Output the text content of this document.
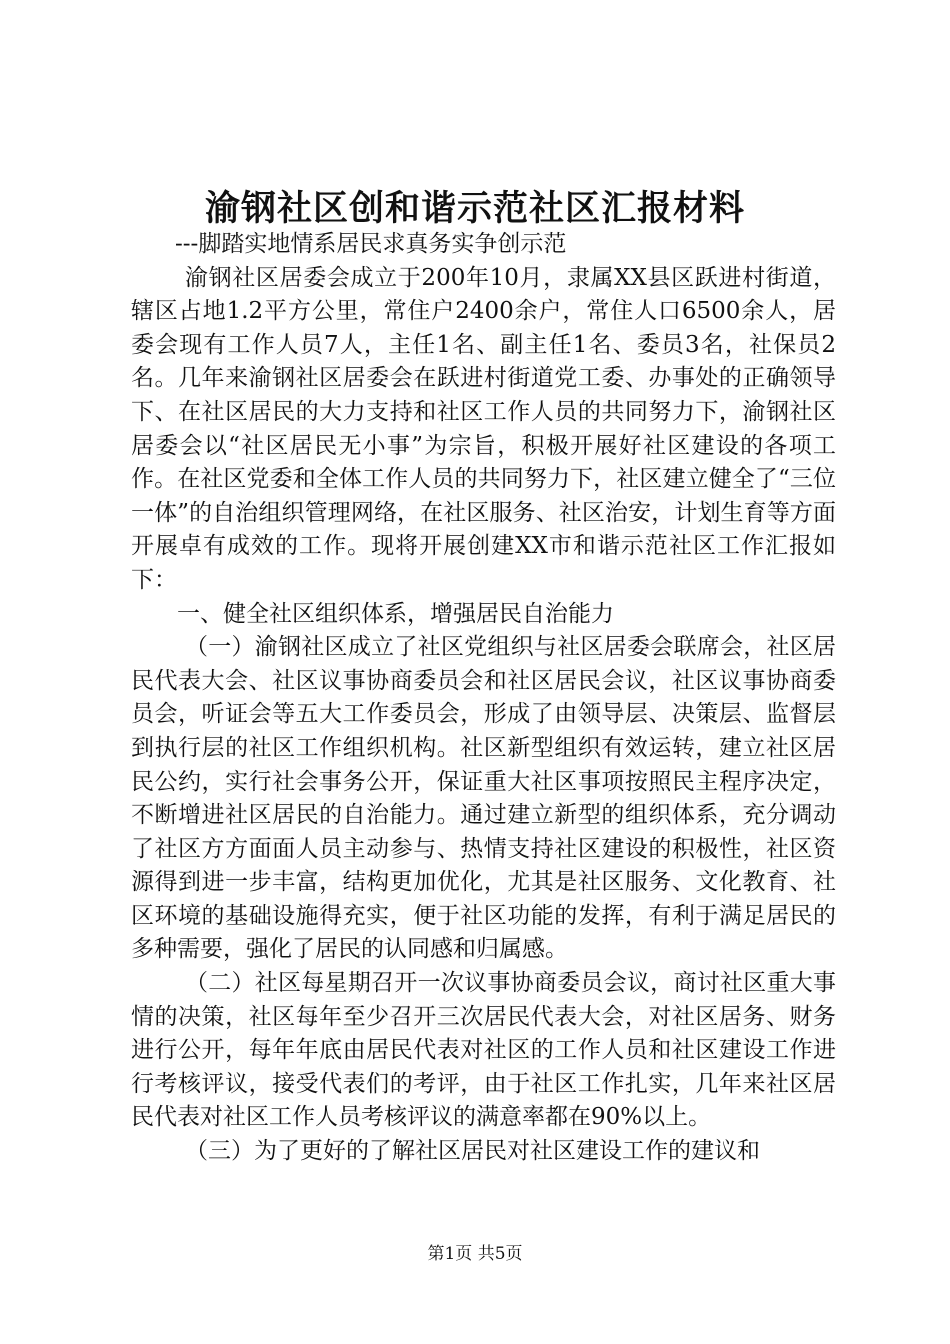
渝钢社区创和谐示范社区汇报材料

---脚踏实地情系居民求真务实争创示范

渝钢社区居委会成立于200年10月，隶属XX县区跃进村街道，辖区占地1.2平方公里，常住户2400余户，常住人口6500余人，居委会现有工作人员7人，主任1名、副主任1名、委员3名，社保员2名。几年来渝钢社区居委会在跃进村街道党工委、办事处的正确领导下、在社区居民的大力支持和社区工作人员的共同努力下，渝钢社区居委会以“社区居民无小事”为宗旨，积极开展好社区建设的各项工作。在社区党委和全体工作人员的共同努力下，社区建立健全了“三位一体”的自治组织管理网络，在社区服务、社区治安，计划生育等方面开展卓有成效的工作。现将开展创建XX市和谐示范社区工作汇报如下：

一、健全社区组织体系，增强居民自治能力

（一）渝钢社区成立了社区党组织与社区居委会联席会，社区居民代表大会、社区议事协商委员会和社区居民会议，社区议事协商委员会，听证会等五大工作委员会，形成了由领导层、决策层、监督层到执行层的社区工作组织机构。社区新型组织有效运转，建立社区居民公约，实行社会事务公开，保证重大社区事项按照民主程序决定，不断增进社区居民的自治能力。通过建立新型的组织体系，充分调动了社区方方面面人员主动参与、热情支持社区建设的积极性，社区资源得到进一步丰富，结构更加优化，尤其是社区服务、文化教育、社区环境的基础设施得充实，便于社区功能的发挥，有利于满足居民的多种需要，强化了居民的认同感和归属感。

（二）社区每星期召开一次议事协商委员会议，商讨社区重大事情的决策，社区每年至少召开三次居民代表大会，对社区居务、财务进行公开，每年年底由居民代表对社区的工作人员和社区建设工作进行考核评议，接受代表们的考评，由于社区工作扎实，几年来社区居民代表对社区工作人员考核评议的满意率都在90%以上。

（三）为了更好的了解社区居民对社区建设工作的建议和

第1页 共5页
